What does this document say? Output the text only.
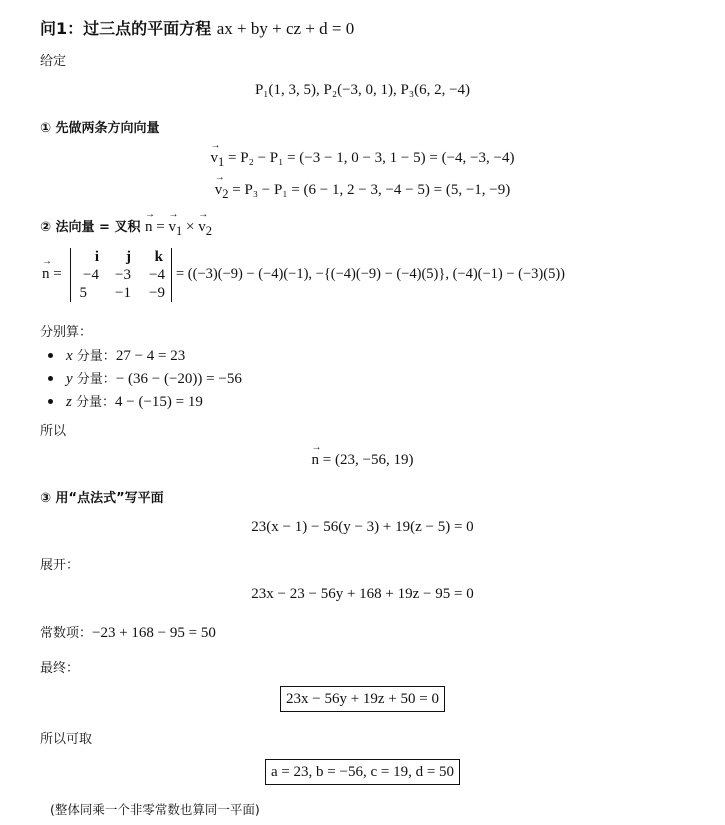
问1：过三点的平面方程 ax + by + cz + d = 0
给定
P₁(1, 3, 5), P₂(−3, 0, 1), P₃(6, 2, −4)
① 先做两条方向向量
→ $v_1 = P_2 - P_1 = (-3 - 1$, 0 − 3, 1 − 5) = (−4, −3, −4)
→ $v_2 = P_3 - P_1 = (6 - 1$, 2 − 3, −4 − 5) = (5, −1, −9)
② 法向量 = 叉积 → n = → $v_1$ × → $v_2$
→ n =
i	j	k
−4	−3	−4
5	−1	−9
= ((−3)(−9) − (−4)(−1), −{(−4)(−9) − (−4)(5)}, (−4)(−1) − (−3)(5))
分别算：
x 分量：27 − 4 = 23
y 分量：− (36 − (−20)) = −56
z 分量：4 − (−15) = 19
所以
→ n = (23, −56, 19)
③ 用“点法式”写平面
23(x − 1) − 56(y − 3) + 19(z − 5) = 0
展开：
23x − 23 − 56y + 168 + 19z − 95 = 0
常数项：−23 + 168 − 95 = 50
最终：
23x − 56y + 19z + 50 = 0
所以可取
a = 23, b = −56, c = 19, d = 50
(整体同乘一个非零常数也算同一平面)
